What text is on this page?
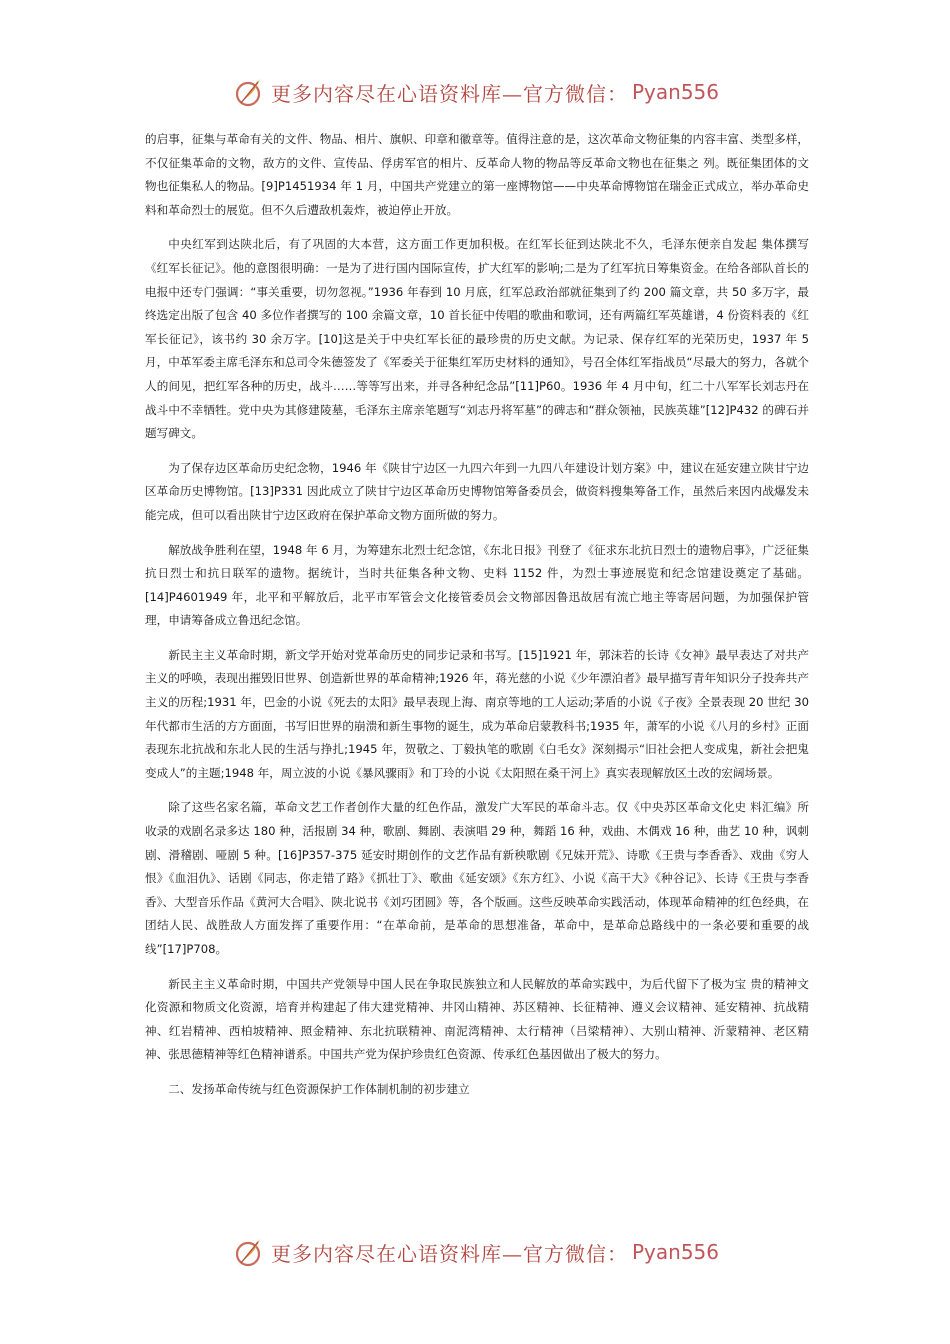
更多内容尽在心语资料库—官方微信： Pyan556

的启事，征集与革命有关的文件、物品、相片、旗帜、印章和徽章等。值得注意的是，这次革命文物征集的内容丰富、类型多样，不仅征集革命的文物，敌方的文件、宣传品、俘虏军官的相片、反革命人物的物品等反革命文物也在征集之 列。既征集团体的文物也征集私人的物品。[9]P1451934 年 1 月，中国共产党建立的第一座博物馆——中央革命博物馆在瑞金正式成立，举办革命史料和革命烈士的展览。但不久后遭敌机轰炸，被迫停止开放。

中央红军到达陕北后，有了巩固的大本营，这方面工作更加积极。在红军长征到达陕北不久，毛泽东便亲自发起 集体撰写《红军长征记》。他的意图很明确：一是为了进行国内国际宣传，扩大红军的影响;二是为了红军抗日筹集资金。在给各部队首长的电报中还专门强调：“事关重要，切勿忽视。”1936 年春到 10 月底，红军总政治部就征集到了约 200 篇文章，共 50 多万字，最终选定出版了包含 40 多位作者撰写的 100 余篇文章，10 首长征中传唱的歌曲和歌词，还有两篇红军英雄谱，4 份资料表的《红军长征记》，该书约 30 余万字。[10]这是关于中央红军长征的最珍贵的历史文献。为记录、保存红军的光荣历史，1937 年 5 月，中革军委主席毛泽东和总司令朱德签发了《军委关于征集红军历史材料的通知》，号召全体红军指战员“尽最大的努力，各就个人的间见，把红军各种的历史，战斗……等等写出来，并寻各种纪念品”[11]P60。1936 年 4 月中旬，红二十八军军长刘志丹在战斗中不幸牺牲。党中央为其修建陵墓，毛泽东主席亲笔题写“刘志丹将军墓”的碑志和“群众领袖，民族英雄”[12]P432 的碑石并题写碑文。

为了保存边区革命历史纪念物，1946 年《陕甘宁边区一九四六年到一九四八年建设计划方案》中，建议在延安建立陕甘宁边区革命历史博物馆。[13]P331 因此成立了陕甘宁边区革命历史博物馆筹备委员会，做资料搜集筹备工作，虽然后来因内战爆发未能完成，但可以看出陕甘宁边区政府在保护革命文物方面所做的努力。

解放战争胜利在望，1948 年 6 月，为筹建东北烈士纪念馆，《东北日报》刊登了《征求东北抗日烈士的遗物启事》，广泛征集抗日烈士和抗日联军的遗物。据统计，当时共征集各种文物、史料 1152 件，为烈士事迹展览和纪念馆建设奠定了基础。[14]P4601949 年，北平和平解放后，北平市军管会文化接管委员会文物部因鲁迅故居有流亡地主等寄居问题，为加强保护管理，申请筹备成立鲁迅纪念馆。

新民主主义革命时期，新文学开始对党革命历史的同步记录和书写。[15]1921 年，郭沫若的长诗《女神》最早表达了对共产主义的呼唤，表现出摧毁旧世界、创造新世界的革命精神;1926 年，蒋光慈的小说《少年漂泊者》最早描写青年知识分子投奔共产主义的历程;1931 年，巴金的小说《死去的太阳》最早表现上海、南京等地的工人运动;茅盾的小说《子夜》全景表现 20 世纪 30 年代都市生活的方方面面，书写旧世界的崩溃和新生事物的诞生，成为革命启蒙教科书;1935 年，萧军的小说《八月的乡村》正面表现东北抗战和东北人民的生活与挣扎;1945 年，贺敬之、丁毅执笔的歌剧《白毛女》深刻揭示“旧社会把人变成鬼，新社会把鬼变成人”的主题;1948 年，周立波的小说《暴风骤雨》和丁玲的小说《太阳照在桑干河上》真实表现解放区土改的宏阔场景。

除了这些名家名篇，革命文艺工作者创作大量的红色作品，激发广大军民的革命斗志。仅《中央苏区革命文化史 料汇编》所收录的戏剧名录多达 180 种，活报剧 34 种，歌剧、舞剧、表演唱 29 种，舞蹈 16 种，戏曲、木偶戏 16 种，曲艺 10 种，讽刺剧、滑稽剧、哑剧 5 种。[16]P357-375 延安时期创作的文艺作品有新秧歌剧《兄妹开荒》、诗歌《王贵与李香香》、戏曲《穷人恨》《血泪仇》、话剧《同志，你走错了路》《抓壮丁》、歌曲《延安颂》《东方红》、小说《高干大》《种谷记》、长诗《王贵与李香香》、大型音乐作品《黄河大合唱》、陕北说书《刘巧团圆》等，各个版画。这些反映革命实践活动，体现革命精神的红色经典，在团结人民、战胜敌人方面发挥了重要作用：“在革命前，是革命的思想准备，革命中，是革命总路线中的一条必要和重要的战线”[17]P708。

新民主主义革命时期，中国共产党领导中国人民在争取民族独立和人民解放的革命实践中，为后代留下了极为宝 贵的精神文化资源和物质文化资源，培育并构建起了伟大建党精神、井冈山精神、苏区精神、长征精神、遵义会议精神、延安精神、抗战精神、红岩精神、西柏坡精神、照金精神、东北抗联精神、南泥湾精神、太行精神（吕梁精神）、大别山精神、沂蒙精神、老区精神、张思德精神等红色精神谱系。中国共产党为保护珍贵红色资源、传承红色基因做出了极大的努力。

二、发扬革命传统与红色资源保护工作体制机制的初步建立

更多内容尽在心语资料库—官方微信： Pyan556
